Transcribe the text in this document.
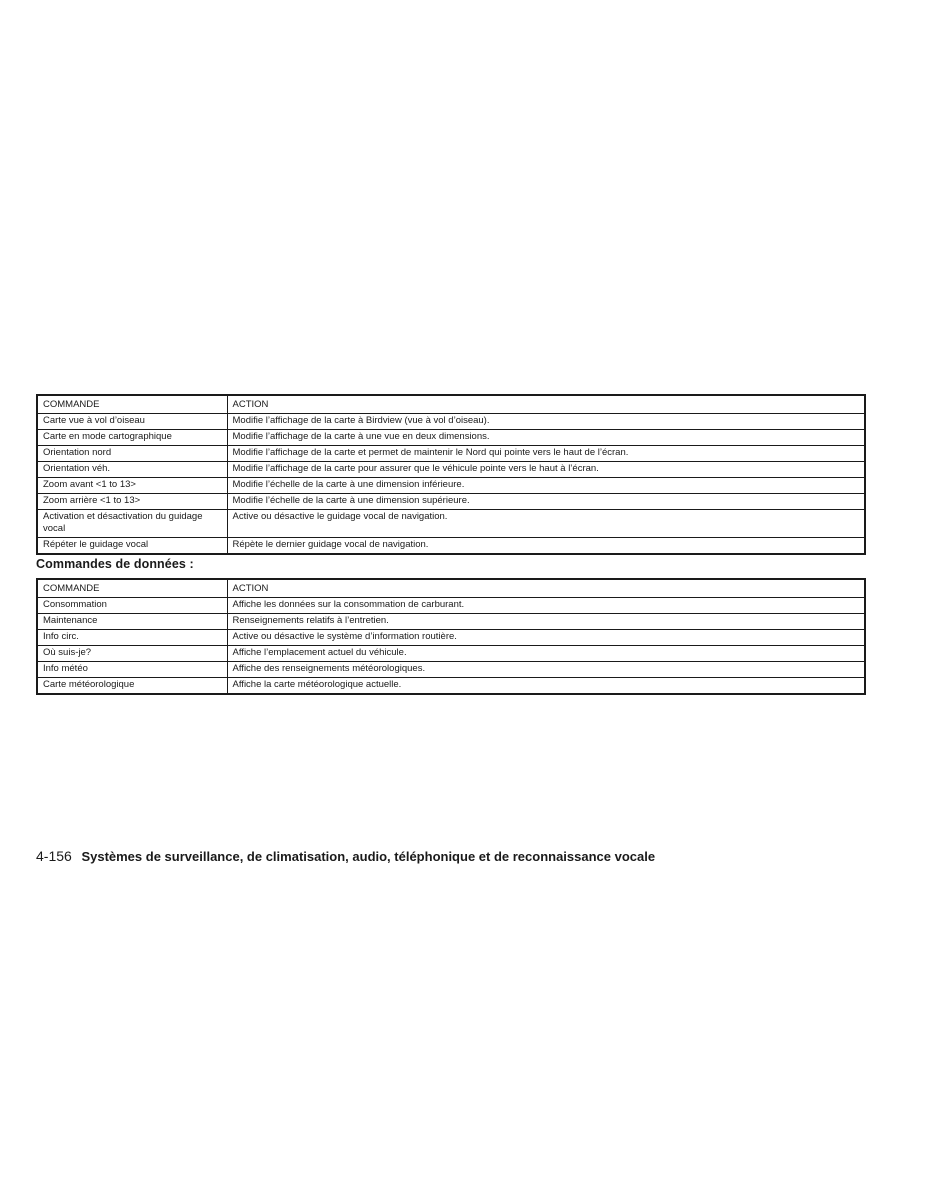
COMMANDE	ACTION
Carte vue à vol d’oiseau	Modifie l’affichage de la carte à Birdview (vue à vol d’oiseau).
Carte en mode cartographique	Modifie l’affichage de la carte à une vue en deux dimensions.
Orientation nord	Modifie l’affichage de la carte et permet de maintenir le Nord qui pointe vers le haut de l’écran.
Orientation véh.	Modifie l’affichage de la carte pour assurer que le véhicule pointe vers le haut à l’écran.
Zoom avant <1 to 13>	Modifie l’échelle de la carte à une dimension inférieure.
Zoom arrière <1 to 13>	Modifie l’échelle de la carte à une dimension supérieure.
Activation et désactivation du guidage vocal	Active ou désactive le guidage vocal de navigation.
Répéter le guidage vocal	Répète le dernier guidage vocal de navigation.
Commandes de données :
COMMANDE	ACTION
Consommation	Affiche les données sur la consommation de carburant.
Maintenance	Renseignements relatifs à l’entretien.
Info circ.	Active ou désactive le système d’information routière.
Où suis-je?	Affiche l’emplacement actuel du véhicule.
Info météo	Affiche des renseignements météorologiques.
Carte météorologique	Affiche la carte météorologique actuelle.
4-156 Systèmes de surveillance, de climatisation, audio, téléphonique et de reconnaissance vocale
